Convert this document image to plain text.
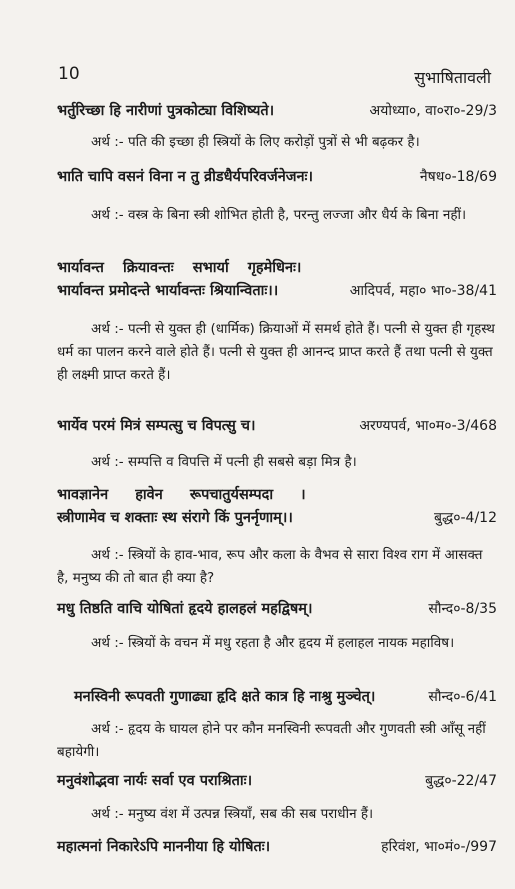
10	सुभाषितावली
भर्तुरिच्छा हि नारीणां पुत्रकोट्या विशिष्यते।	अयोध्या०, वा०रा०-29/3
अर्थ :- पति की इच्छा ही स्त्रियों के लिए करोड़ों पुत्रों से भी बढ़कर है।
भाति चापि वसनं विना न तु व्रीडधैर्यपरिवर्जनेजनः।	नैषध०-18/69
अर्थ :- वस्त्र के बिना स्त्री शोभित होती है, परन्तु लज्जा और धैर्य के बिना नहीं।
भार्यावन्त क्रियावन्तः सभार्या गृहमेधिनः।
भार्यावन्त प्रमोदन्ते भार्यावन्तः श्रियान्विताः।।	आदिपर्व, महा० भा०-38/41
अर्थ :- पत्नी से युक्त ही (धार्मिक) क्रियाओं में समर्थ होते हैं। पत्नी से युक्त ही गृहस्थ धर्म का पालन करने वाले होते हैं। पत्नी से युक्त ही आनन्द प्राप्त करते हैं तथा पत्नी से युक्त ही लक्ष्मी प्राप्त करते हैं।
भार्येव परमं मित्रं सम्पत्सु च विपत्सु च।	अरण्यपर्व, भा०म०-3/468
अर्थ :- सम्पत्ति व विपत्ति में पत्नी ही सबसे बड़ा मित्र है।
भावज्ञानेन हावेन रूपचातुर्यसम्पदा ।
स्त्रीणामेव च शक्ताः स्थ संरागे किं पुनर्नृणाम्।।	बुद्ध०-4/12
अर्थ :- स्त्रियों के हाव-भाव, रूप और कला के वैभव से सारा विश्व राग में आसक्त है, मनुष्य की तो बात ही क्या है?
मधु तिष्ठति वाचि योषितां हृदये हालहलं महद्विषम्।	सौन्द०-8/35
अर्थ :- स्त्रियों के वचन में मधु रहता है और हृदय में हलाहल नायक महाविष।
मनस्विनी रूपवती गुणाढ्या हृदि क्षते कात्र हि नाश्रु मुञ्चेत्।	सौन्द०-6/41
अर्थ :- हृदय के घायल होने पर कौन मनस्विनी रूपवती और गुणवती स्त्री आँसू नहीं बहायेगी।
मनुवंशोद्भवा नार्यः सर्वा एव पराश्रिताः।	बुद्ध०-22/47
अर्थ :- मनुष्य वंश में उत्पन्न स्त्रियाँ, सब की सब पराधीन हैं।
महात्मनां निकारेऽपि माननीया हि योषितः।	हरिवंश, भा०मं०-/997
